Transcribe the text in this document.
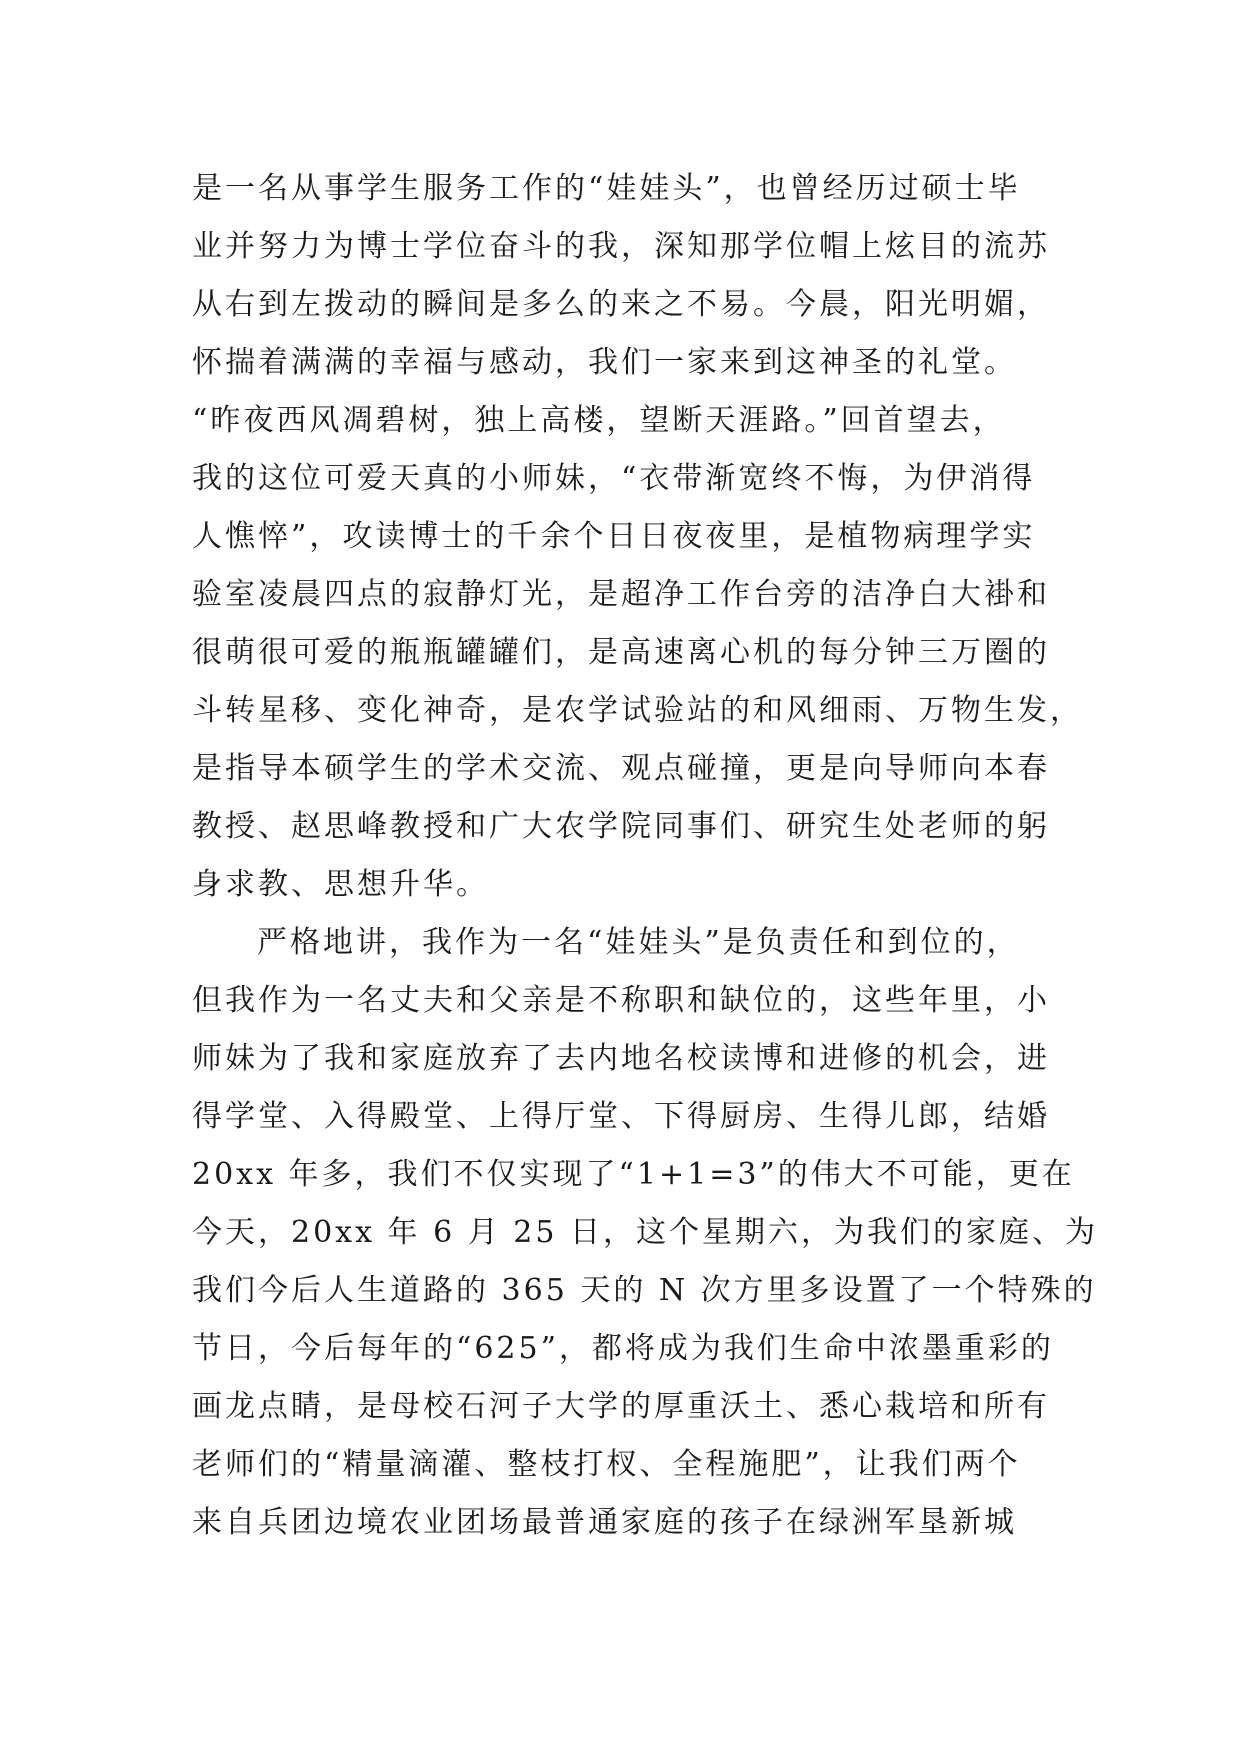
是一名从事学生服务工作的“娃娃头”，也曾经历过硕士毕
业并努力为博士学位奋斗的我，深知那学位帽上炫目的流苏
从右到左拨动的瞬间是多么的来之不易。今晨，阳光明媚，
怀揣着满满的幸福与感动，我们一家来到这神圣的礼堂。
“昨夜西风凋碧树，独上高楼，望断天涯路。”回首望去，
我的这位可爱天真的小师妹，“衣带渐宽终不悔，为伊消得
人憔悴”，攻读博士的千余个日日夜夜里，是植物病理学实
验室凌晨四点的寂静灯光，是超净工作台旁的洁净白大褂和
很萌很可爱的瓶瓶罐罐们，是高速离心机的每分钟三万圈的
斗转星移、变化神奇，是农学试验站的和风细雨、万物生发，
是指导本硕学生的学术交流、观点碰撞，更是向导师向本春
教授、赵思峰教授和广大农学院同事们、研究生处老师的躬
身求教、思想升华。
严格地讲，我作为一名“娃娃头”是负责任和到位的，
但我作为一名丈夫和父亲是不称职和缺位的，这些年里，小
师妹为了我和家庭放弃了去内地名校读博和进修的机会，进
得学堂、入得殿堂、上得厅堂、下得厨房、生得儿郎，结婚
20xx 年多，我们不仅实现了“1+1=3”的伟大不可能，更在
今天，20xx 年 6 月 25 日，这个星期六，为我们的家庭、为
我们今后人生道路的 365 天的 N 次方里多设置了一个特殊的
节日，今后每年的“625”，都将成为我们生命中浓墨重彩的
画龙点睛，是母校石河子大学的厚重沃土、悉心栽培和所有
老师们的“精量滴灌、整枝打杈、全程施肥”，让我们两个
来自兵团边境农业团场最普通家庭的孩子在绿洲军垦新城
